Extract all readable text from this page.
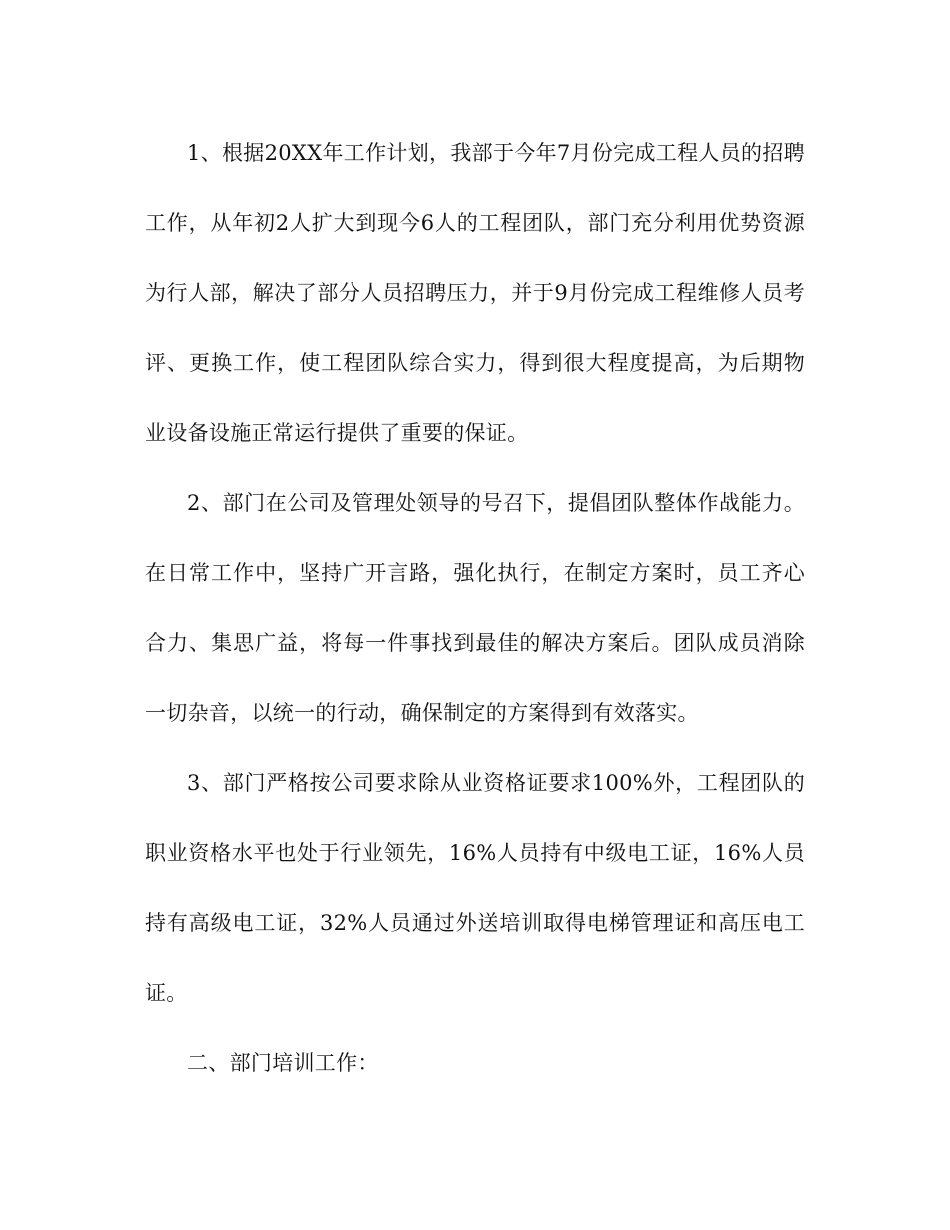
1、根据20XX年工作计划，我部于今年7月份完成工程人员的招聘工作，从年初2人扩大到现今6人的工程团队，部门充分利用优势资源为行人部，解决了部分人员招聘压力，并于9月份完成工程维修人员考评、更换工作，使工程团队综合实力，得到很大程度提高，为后期物业设备设施正常运行提供了重要的保证。

2、部门在公司及管理处领导的号召下，提倡团队整体作战能力。在日常工作中，坚持广开言路，强化执行，在制定方案时，员工齐心合力、集思广益，将每一件事找到最佳的解决方案后。团队成员消除一切杂音，以统一的行动，确保制定的方案得到有效落实。

3、部门严格按公司要求除从业资格证要求100%外，工程团队的职业资格水平也处于行业领先，16%人员持有中级电工证，16%人员持有高级电工证，32%人员通过外送培训取得电梯管理证和高压电工证。

二、部门培训工作：
